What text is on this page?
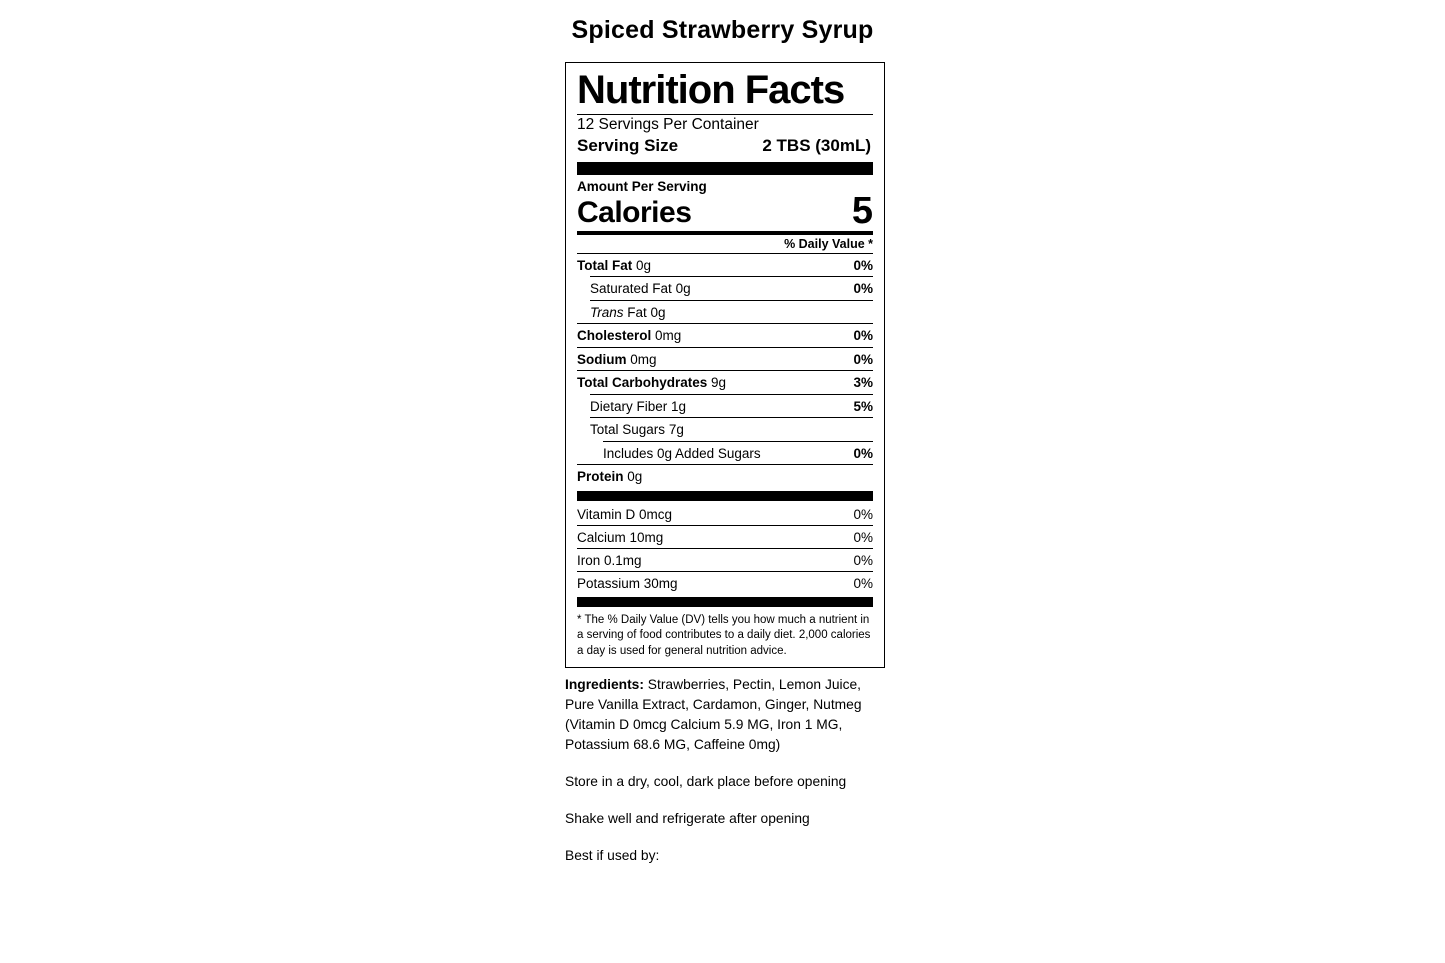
Spiced Strawberry Syrup
Nutrition Facts
12 Servings Per Container
Serving Size	2 TBS (30mL)
Amount Per Serving
Calories	5
% Daily Value *
Total Fat 0g	0%
Saturated Fat 0g	0%
Trans Fat 0g
Cholesterol 0mg	0%
Sodium 0mg	0%
Total Carbohydrates 9g	3%
Dietary Fiber 1g	5%
Total Sugars 7g
Includes 0g Added Sugars	0%
Protein 0g
Vitamin D 0mcg	0%
Calcium 10mg	0%
Iron 0.1mg	0%
Potassium 30mg	0%
* The % Daily Value (DV) tells you how much a nutrient in a serving of food contributes to a daily diet. 2,000 calories a day is used for general nutrition advice.
Ingredients: Strawberries, Pectin, Lemon Juice, Pure Vanilla Extract, Cardamon, Ginger, Nutmeg (Vitamin D 0mcg Calcium 5.9 MG, Iron 1 MG, Potassium 68.6 MG, Caffeine 0mg)
Store in a dry, cool, dark place before opening
Shake well and refrigerate after opening
Best if used by:
